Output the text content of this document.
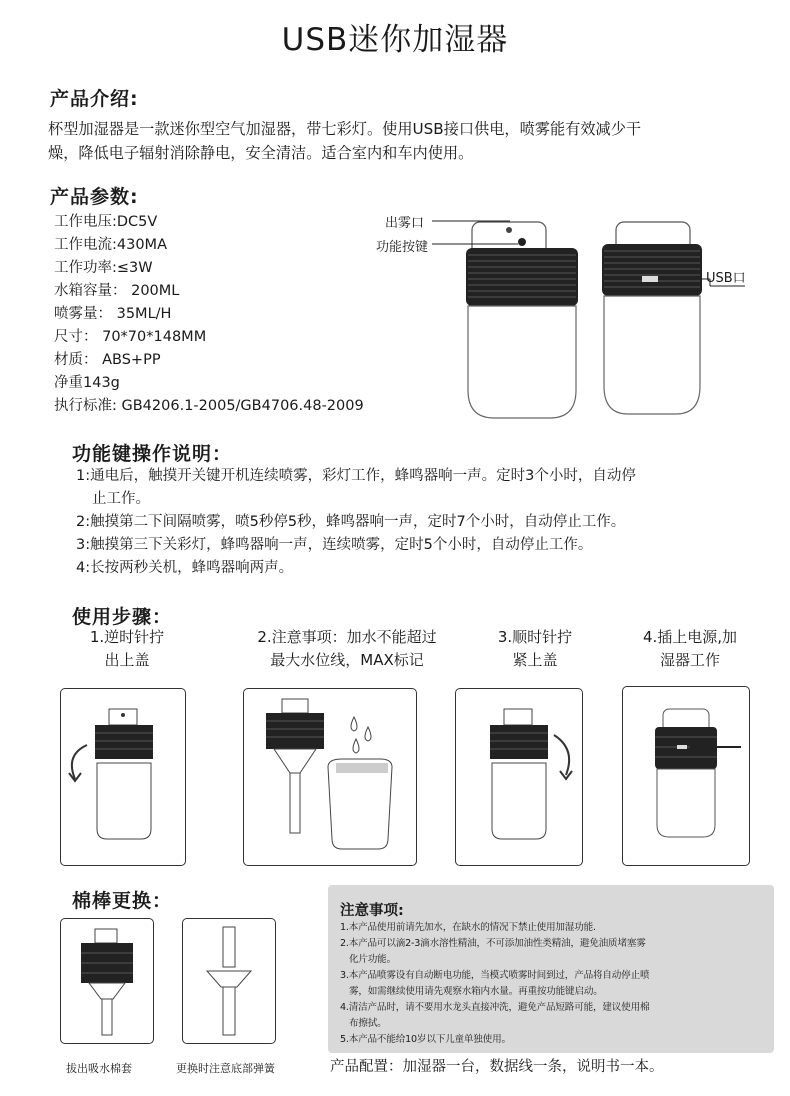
USB迷你加湿器
产品介绍:
杯型加湿器是一款迷你型空气加湿器，带七彩灯。使用USB接口供电，喷雾能有效减少干
燥，降低电子辐射消除静电，安全清洁。适合室内和车内使用。
产品参数:
工作电压:DC5V
工作电流:430MA
工作功率:≤3W
水箱容量： 200ML
喷雾量： 35ML/H
尺寸： 70*70*148MM
材质： ABS+PP
净重143g
执行标准: GB4206.1-2005/GB4706.48-2009
出雾口
功能按键
USB口
功能键操作说明：
1:通电后，触摸开关键开机连续喷雾，彩灯工作，蜂鸣器响一声。定时3个小时，自动停
止工作。
2:触摸第二下间隔喷雾，喷5秒停5秒，蜂鸣器响一声，定时7个小时，自动停止工作。
3:触摸第三下关彩灯，蜂鸣器响一声，连续喷雾，定时5个小时，自动停止工作。
4:长按两秒关机，蜂鸣器响两声。
使用步骤：
1.逆时针拧
出上盖
2.注意事项：加水不能超过
最大水位线，MAX标记
3.顺时针拧
紧上盖
4.插上电源,加
湿器工作
棉棒更换：
拔出吸水棉套	更换时注意底部弹簧
注意事项:
1.本产品使用前请先加水，在缺水的情况下禁止使用加湿功能.
2.本产品可以滴2-3滴水溶性精油，不可添加油性类精油，避免油质堵塞雾
化片功能。
3.本产品喷雾设有自动断电功能，当模式喷雾时间到过，产品将自动停止喷
雾，如需继续使用请先观察水箱内水量。再重按功能键启动。
4.清洁产品时，请不要用水龙头直接冲洗，避免产品短路可能，建议使用棉
布擦拭。
5.本产品不能给10岁以下儿童单独使用。
产品配置：加湿器一台，数据线一条，说明书一本。
